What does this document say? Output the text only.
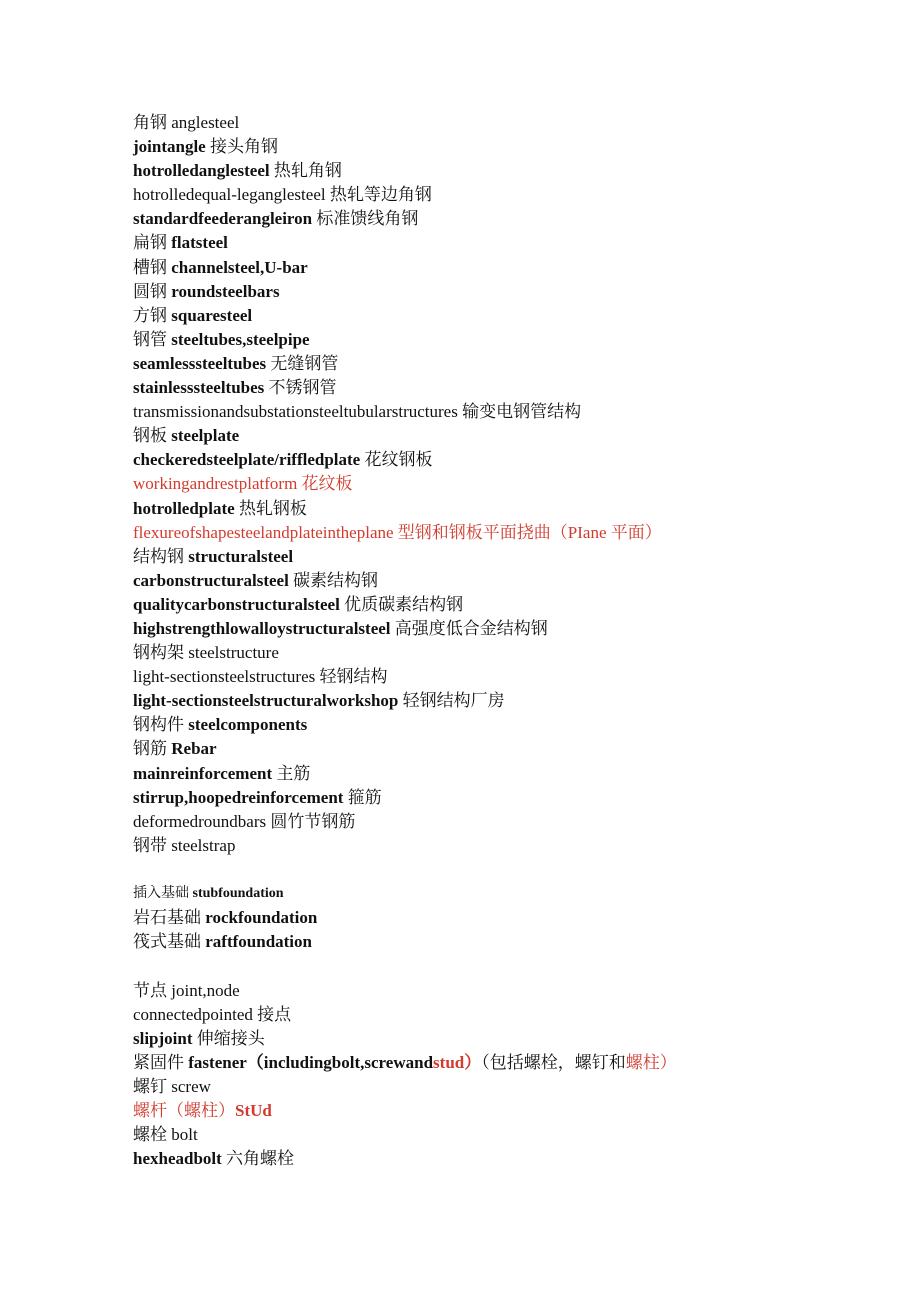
角钢 anglesteel
jointangle 接头角钢
hotrolledanglesteel 热轧角钢
hotrolledequal-leganglesteel 热轧等边角钢
standardfeederangleiron 标准馈线角钢
扁钢 flatsteel
槽钢 channelsteel,U-bar
圆钢 roundsteelbars
方钢 squaresteel
钢管 steeltubes,steelpipe
seamlesssteeltubes 无缝钢管
stainlesssteeltubes 不锈钢管
transmissionandsubstationsteeltubularstructures 输变电钢管结构
钢板 steelplate
checkeredsteelplate/riffledplate 花纹钢板
workingandrestplatform 花纹板
hotrolledplate 热轧钢板
flexureofshapesteelandplateintheplane 型钢和钢板平面挠曲（PIane 平面）
结构钢 structuralsteel
carbonstructuralsteel 碳素结构钢
qualitycarbonstructuralsteel 优质碳素结构钢
highstrengthlowalloystructuralsteel 高强度低合金结构钢
钢构架 steelstructure
light-sectionsteelstructures 轻钢结构
light-sectionsteelstructuralworkshop 轻钢结构厂房
钢构件 steelcomponents
钢筋 Rebar
mainreinforcement 主筋
stirrup,hoopedreinforcement 箍筋
deformedroundbars 圆竹节钢筋
钢带 steelstrap
插入基础 stubfoundation
岩石基础 rockfoundation
筏式基础 raftfoundation
节点 joint,node
connectedpointed 接点
slipjoint 伸缩接头
紧固件 fastener（includingbolt,screwandstud）（包括螺栓，螺钉和螺柱）
螺钉 screw
螺杆（螺柱）StUd
螺栓 bolt
hexheadbolt 六角螺栓
